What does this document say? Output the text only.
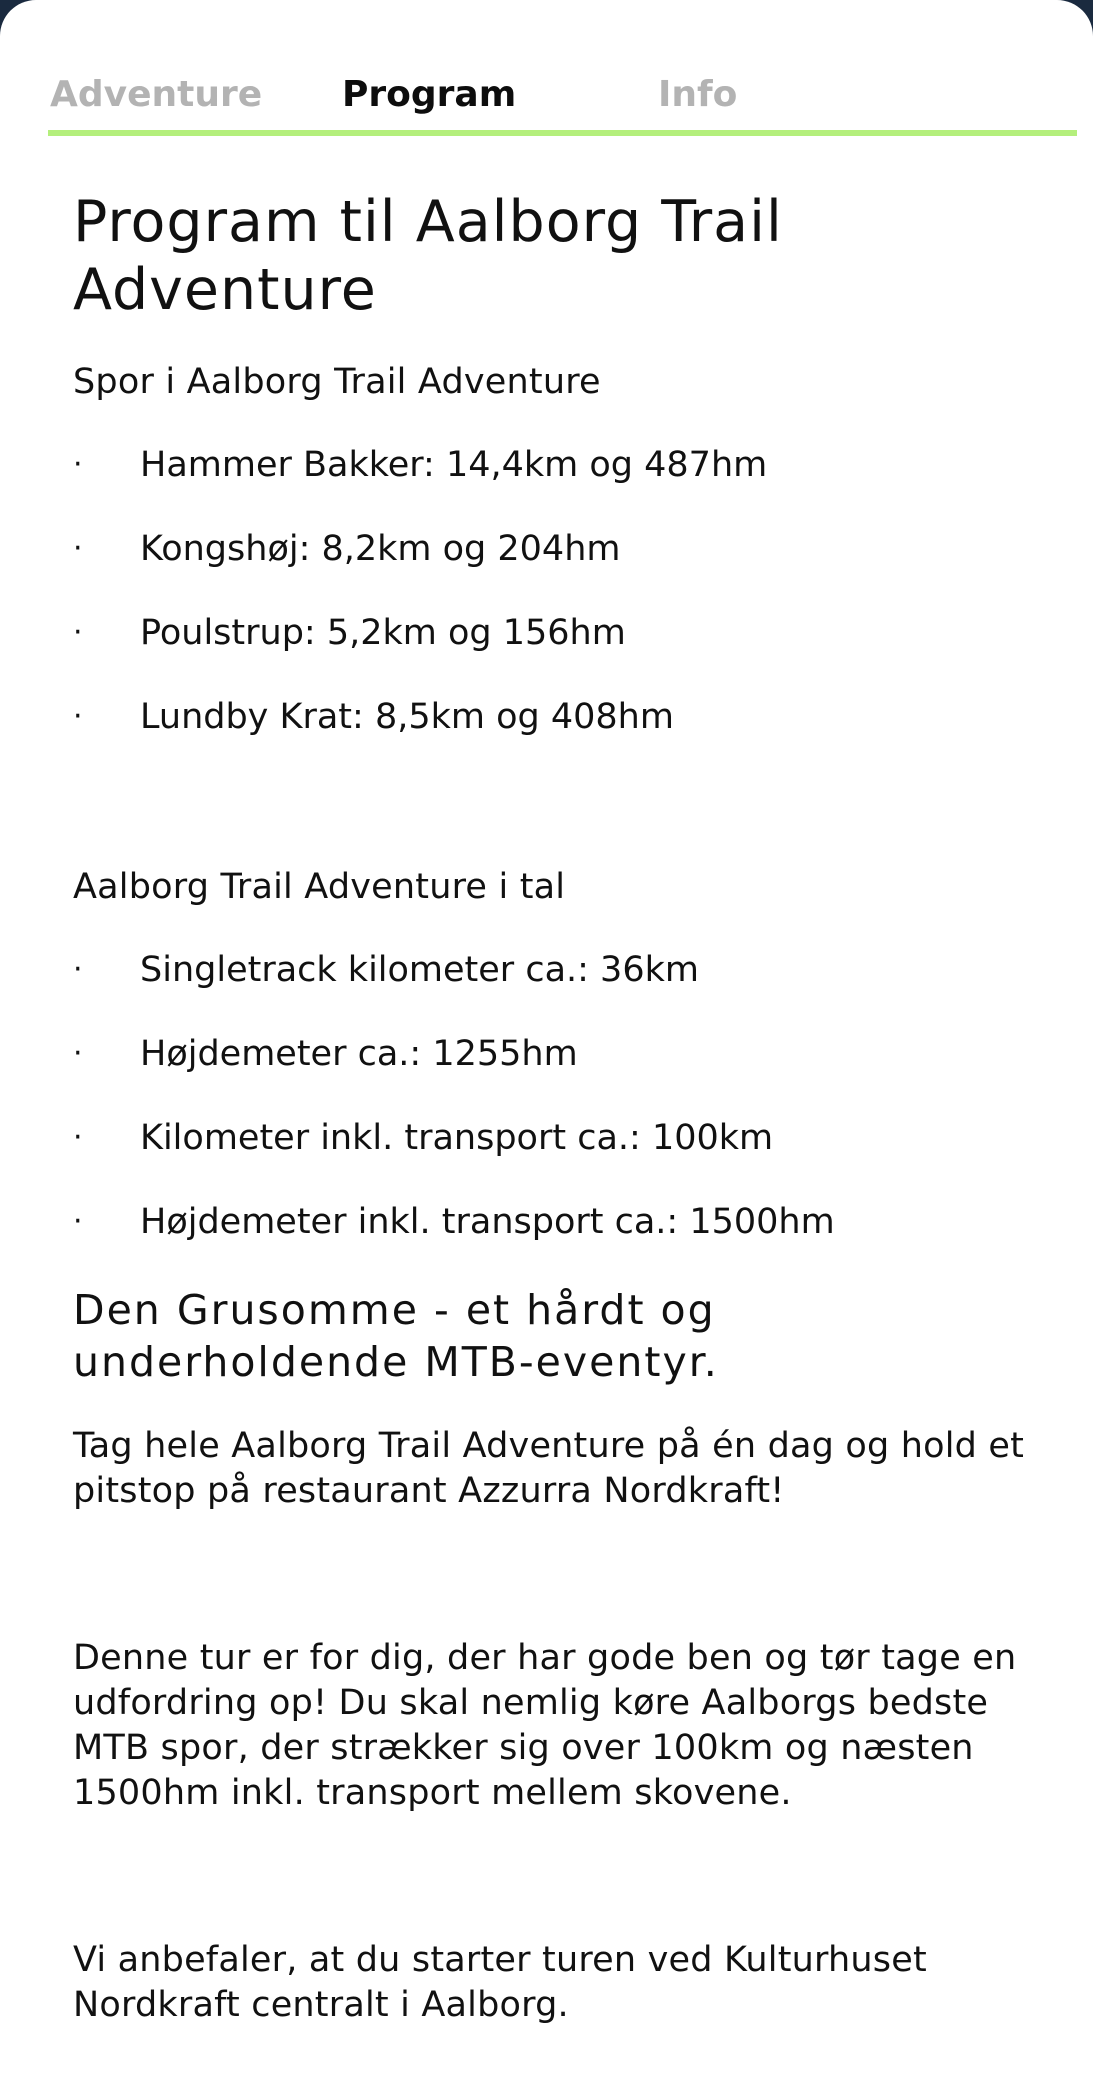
Adventure Program	Info
Program til Aalborg Trail Adventure

Spor i Aalborg Trail Adventure

· Hammer Bakker: 14,4km og 487hm
· Kongshøj: 8,2km og 204hm
· Poulstrup: 5,2km og 156hm
· Lundby Krat: 8,5km og 408hm

Aalborg Trail Adventure i tal

· Singletrack kilometer ca.: 36km
· Højdemeter ca.: 1255hm
· Kilometer inkl. transport ca.: 100km
· Højdemeter inkl. transport ca.: 1500hm
Den Grusomme - et hårdt og underholdende MTB-eventyr.

Tag hele Aalborg Trail Adventure på én dag og hold et pitstop på restaurant Azzurra Nordkraft!

Denne tur er for dig, der har gode ben og tør tage en udfordring op! Du skal nemlig køre Aalborgs bedste MTB spor, der strækker sig over 100km og næsten 1500hm inkl. transport mellem skovene.

Vi anbefaler, at du starter turen ved Kulturhuset Nordkraft centralt i Aalborg.
